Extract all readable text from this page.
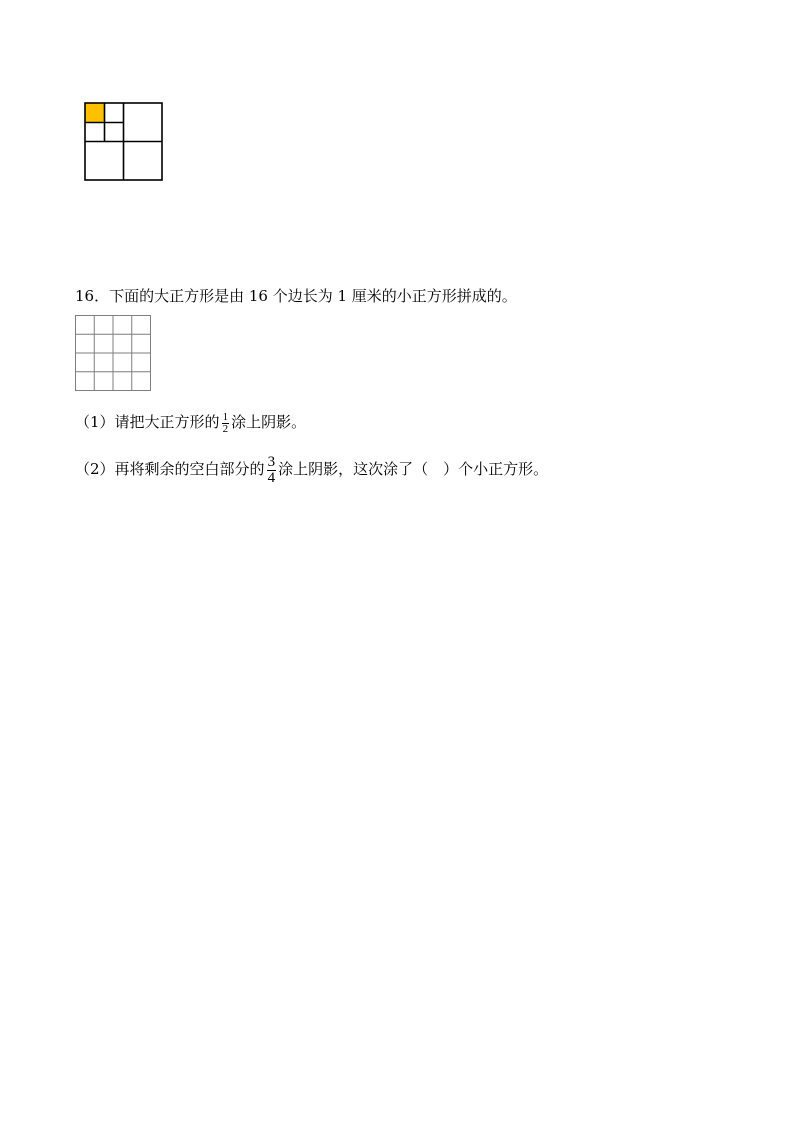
16．下面的大正方形是由 16 个边长为 1 厘米的小正方形拼成的。
（1）请把大正方形的 $\frac{1}{2}$ 涂上阴影。
（2）再将剩余的空白部分的 $\frac{3}{4}$ 涂上阴影，这次涂了（　）个小正方形。
